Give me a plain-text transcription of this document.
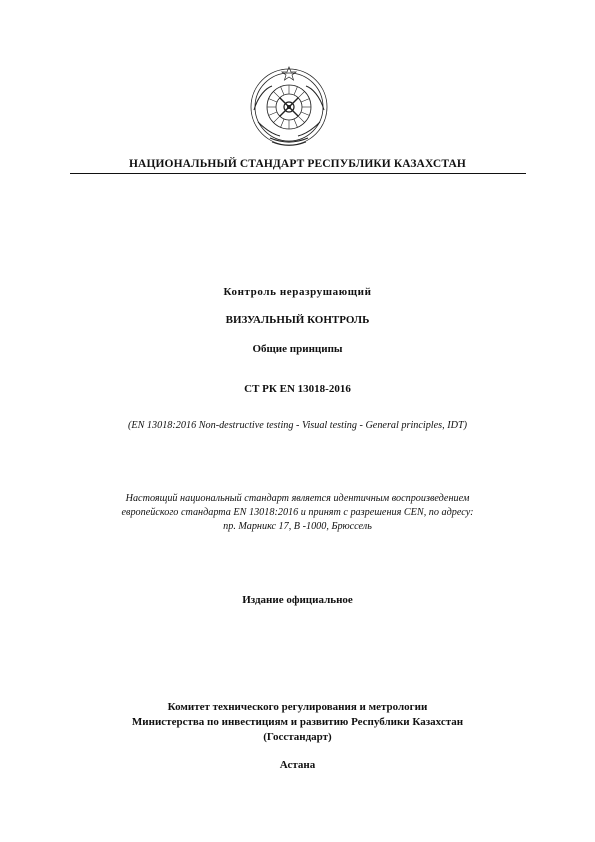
НАЦИОНАЛЬНЫЙ СТАНДАРТ РЕСПУБЛИКИ КАЗАХСТАН
Контроль неразрушающий
ВИЗУАЛЬНЫЙ КОНТРОЛЬ
Общие принципы
СТ РК EN 13018-2016
(EN 13018:2016 Non-destructive testing - Visual testing - General principles, IDT)
Настоящий национальный стандарт является идентичным воспроизведением
европейского стандарта EN 13018:2016 и принят с разрешения CEN, по адресу:
пр. Марникс 17, B -1000, Брюссель
Издание официальное
Комитет технического регулирования и метрологии
Министерства по инвестициям и развитию Республики Казахстан
(Госстандарт)
Астана
